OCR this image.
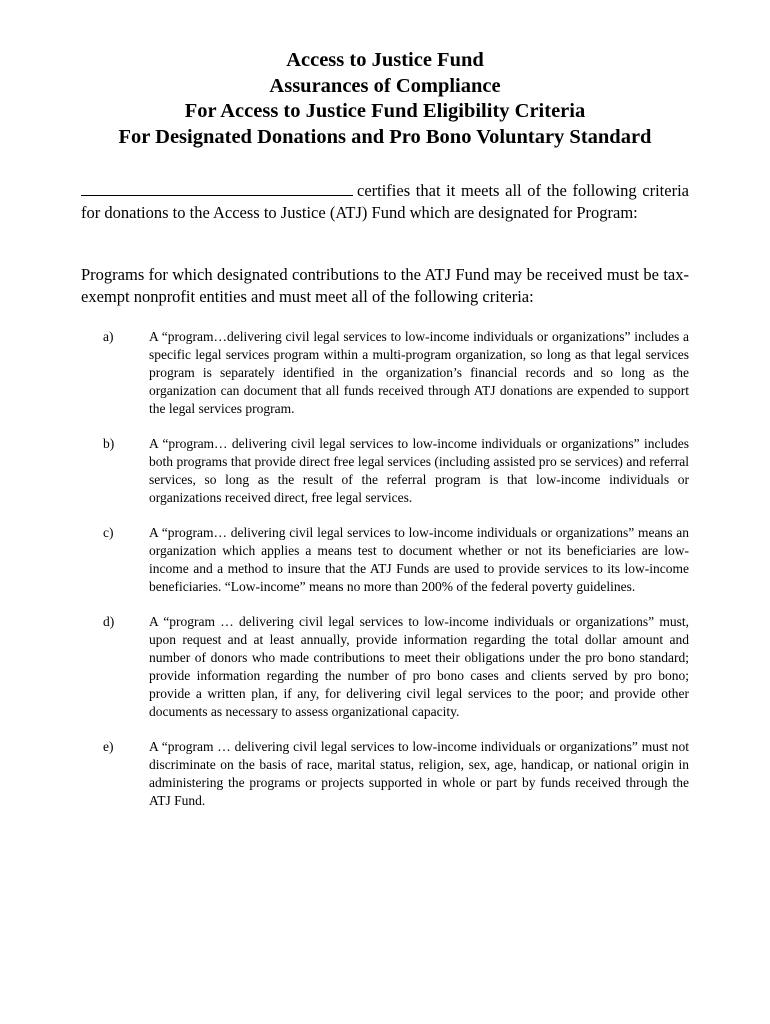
Access to Justice Fund
Assurances of Compliance
For Access to Justice Fund Eligibility Criteria
For Designated Donations and Pro Bono Voluntary Standard
certifies that it meets all of the following criteria for donations to the Access to Justice (ATJ) Fund which are designated for Program:
Programs for which designated contributions to the ATJ Fund may be received must be tax-exempt nonprofit entities and must meet all of the following criteria:
a)	A “program…delivering civil legal services to low-income individuals or organizations” includes a specific legal services program within a multi-program organization, so long as that legal services program is separately identified in the organization’s financial records and so long as the organization can document that all funds received through ATJ donations are expended to support the legal services program.
b)	A “program… delivering civil legal services to low-income individuals or organizations” includes both programs that provide direct free legal services (including assisted pro se services) and referral services, so long as the result of the referral program is that low-income individuals or organizations received direct, free legal services.
c)	A “program… delivering civil legal services to low-income individuals or organizations” means an organization which applies a means test to document whether or not its beneficiaries are low-income and a method to insure that the ATJ Funds are used to provide services to its low-income beneficiaries. “Low-income” means no more than 200% of the federal poverty guidelines.
d)	A “program … delivering civil legal services to low-income individuals or organizations” must, upon request and at least annually, provide information regarding the total dollar amount and number of donors who made contributions to meet their obligations under the pro bono standard; provide information regarding the number of pro bono cases and clients served by pro bono; provide a written plan, if any, for delivering civil legal services to the poor; and provide other documents as necessary to assess organizational capacity.
e)	A “program … delivering civil legal services to low-income individuals or organizations” must not discriminate on the basis of race, marital status, religion, sex, age, handicap, or national origin in administering the programs or projects supported in whole or part by funds received through the ATJ Fund.
